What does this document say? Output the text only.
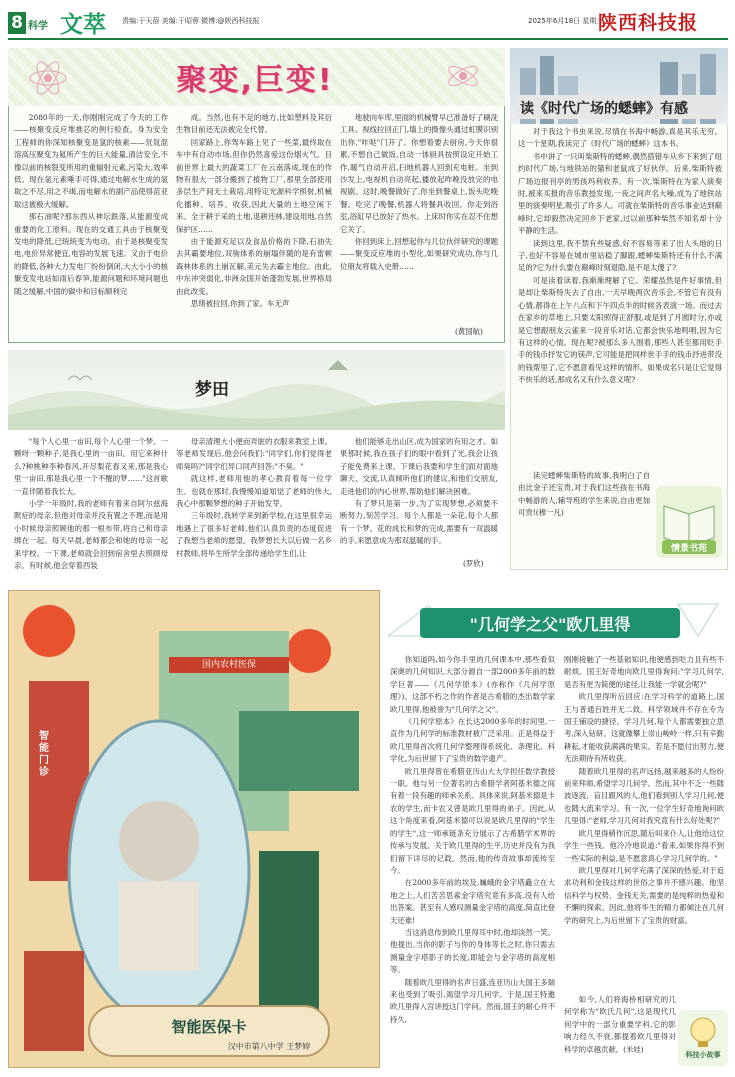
8 科学 文萃 责编:于天蓓 美编:于昭蓉 微博:@陕西科技报	2025年6月18日 星期三
陕西科技报
聚变,巨变!

2080年的一天,你刚刚完成了今天的工作——核聚变反应堆推芯的例行检查。身为安全工程师的你深知核聚变是氢的核素——氘氚混溶高压聚变为氦所产生的巨大能量,清洁安全,不像以前的核裂变所用的重辐射元素,污染大,效率低。现在氢元素唾手可得,通过电解水生成的氢取之不尽,用之不竭,而电解水的副产品使得苗亚取这被极大缓解。

那石油呢?那东西从神坛跌落,从能源变成重要的化工原料。现在的交通工具由于核聚变发电的降低,已统统变为电动。由于是核聚变发电,电价异常便宜,电容的发展飞速。又由于电价的降低,各种大力发电厂纷纷倒闭,大大小小的核聚变发电站如雨后春笋,能源问题和环境问题也随之缓解,中国的碳中和目标顺利完

成。当然,也有不足的地方,比如塑料及其衍生物目前还无法被完全代替。

回家路上,你驾车路上见了一些菜,最终取在车中有自动市场,但你仍然喜爱这份烟火气。目前世界上最大的蔬菜工厂在云南落成,现在的作物有很大一部分搬到了植物工厂,那里全部使用多层生产间无土栽培,用特定光源科学照射,机械化播种、培养、收获,因此大量的土地空闲下来。全于耕于采的土地,退耕还林,建设用地,自然保护区……

由于能源充足以及食品价格的下降,石油失去其霸要地位,双驹体系的崩塌伴随的是有雷顿森林体系的土崩瓦解,美元失去霸主地位。由此,中东冲突弱化,非洲众国开始蓬勃发展,世界格局由此改变。

思绪被拉回,你到了家。车无声

地驶向车库,里面的机械臂早已准备好了刷洗工具。视线拉回正门,墙上的摄像头通过虹膜识别出你,"咔哒"门开了。你想着要去厨房,今天你很累,不想自己做饭,自动一体厨具按照设定开始工作,暖气自动开启,扫地机器人回到充电桩。坐到沙发上,电视机自动亮起,播放起昨晚没放完的电视剧。这时,晚餐做好了,你坐到餐桌上,饭头吃晚餐。吃完了晚餐,机器人将餐具收回。你走到浴室,浴缸早已放好了热水。上床时你实在忍不住想它关了。

你回到床上,回想起你与几位伙伴研究的课题——聚变反应堆的小型化,如果研究成功,你与几位朋友将载入史册……

(黄国航)
梦田

"每个人心里一亩田,每个人心里一个梦。一颗呀一颗种子,是我心里的一亩田。用它来种什么?种桃种李种春风,开尽梨花春又来,那是我心里一亩田,那是我心里一个不醒的梦……"这首歌一直伴随着我长大。

小学一年级时,我的老师有着来自阿尔兹海默症的母亲,但他对母亲并没有置之不理,而是用小时候母亲照顾他的那一根布带,将自己和母亲绑在一起。每天早晨,老师都会和她的母亲一起来学校。一下课,老师就会回到宿舍里去照顾母亲。有时候,他会穿着西装

母亲清理大小便而弄脏的衣服来教室上课。等老师发现后,他会问我们:"同学们,你们觉得老师臭吗?"同学们异口同声回答:"不臭。"

就这样,老师用他的孝心教育着每一位学生。也就在那时,我慢慢知道知觉了老师的伟大,我心中那颗梦想的种子开始发芽。

三年级时,我转学来到新学校,在这里很幸运地遇上了很多好老师,他们认真负责的态度促进了我想当老师的愿望。我梦想长大以后做一名乡村教师,将毕生所学全部传递给学生们,让

他们能够走出山区,成为国家的有用之才。如果那时候,我在孩子们的眼中看到了光,我会让孩子能免费来上课。下课后我要和学生们面对面地聊天、交流,认真倾听他们的建议,和他们交朋友,走进他们的内心世界,帮助他们解决困难。

有了梦只是第一步,为了实现梦想,必须要不断努力,刻苦学习。每个人都是一朵花,每个人都有一个梦。花的成长和梦的完成,需要有一双温暖的手,来愿意成为那双温暖的手。

(罗欣)
读《时代广场的蟋蟀》有感

对于我这个书虫来说,尽情在书海中畅游,真是其乐无穷。这一个星期,我读完了《时代广场的蟋蟀》这本书。

书中讲了一只叫柴斯特的蟋蟀,偶然搭错车从乡下来到了纽约时代广场,与地铁站的猫和老鼠成了好伙伴。后来,柴斯特被广场边报刊亭的男孩玛利收养。有一次,柴斯特在为家人演奏时,被来买报的音乐教授发现,一夜之间声名大噪,成为了地铁站里的演奏明星,吸引了许多人。可就在柴斯特的音乐事业达到巅峰时,它却毅然决定回乡下老家,过以前那种柴然不知名却十分平静的生活。

读到这里,我不禁有些疑惑,好不容易等来了出人头地的日子,也好不容易在城市里站稳了脚跟,蟋蟀柴斯特还有什么不满足的?它为什么要在巅峰时刻退隐,是不是太傻了?

可是读着读着,我渐渐理解了它。荣耀虽然是件好事情,但是却让柴斯特失去了自由,一天早晚两次音乐会,不管它有没有心情,都得在上午八点和下午四点半的时候各表演一场。而过去在家乡的草地上,只要太阳照得正舒服,或是到了月圆时分,亦或是它想跟朋友云雀来一段音乐对话,它都会快乐地鸣唱,因为它有这样的心情。现在呢?被那么多人围着,那些人甚至都用贬手手的钱币抒发它的镁声,它可能是把同样世手手的钱币抒进带没的钱帮里了,它不愿意看见这样的情形。如果成名只是让它觉得不快乐的话,那成名又有什么意义呢?

读完蟋蟀柴斯特的故事,我明白了自由比金子还宝贵,对于我们这些孩在书海中畅游的人,辅导班的学生来说,自由更加可贵!(穆一凡)

情景书苑
国内农村医保
智能门诊
智能医保卡
汉中市第八中学 王梦婷
"几何学之父"欧几里得

你知道吗,如今你手里的几何课本中,那些看似深奥的几何知识,大部分源自一部2000多年前的数学巨著——《几何学原本》(亦称作《几何学原理》)。这部不朽之作的作者是古希腊的杰出数学家欧几里得,他被誉为"几何学之父"。

《几何学原本》在长达2000多年的时间里,一直作为几何学的标准教材被广泛采用。正是得益于欧几里得首次将几何学整理得系统化、条理化、科学化,为后世留下了宝贵的数学遗产。

欧几里得曾在希腊亚历山大大学担任数学教授一职。他与另一位著名的古希腊学者阿基米德之间有着一段有趣的师承关系。具体来说,阿基米德是卡农的学生,而卡农又曾是欧几里得的弟子。因此,从这个角度来看,阿基米德可以说是欧几里得的"学生的学生",这一师承链条充分展示了古希腊学术界的传承与发展。关于欧几里得的生平,历史并没有为我们留下详尽的记载。然而,他的传奇故事却流传至今。

在2000多年前的埃及,巍峨的金字塔矗立在大地之上,人们苦苦思索金字塔究竟有多高,没有人给出答案。甚至有人感叹测量金字塔的高度,简直比登天还难!

当这消息传到欧几里得耳中时,他却淡然一笑。他提出,当你的影子与你的身体等长之时,你只需去测量金字塔影子的长度,即能会与金字塔的高度相等。

随着欧几里得的名声日盛,连亚历山大国王多瑞来也受到了吸引,渴望学习几何学。于是,国王特邀欧几里得入宫讲授这门学问。然而,国王的耐心并不持久,

刚刚接触了一些基础知识,他便感到吃力且有些不耐烦。国王好奇地向欧几里得询问:"学习几何学,是否有更为简便的途径,让我能一学就会呢?"

欧几里得听后回应:在学习科学的道路上,国王与普通百姓并无二致。科学领域并不存在专为国王铺设的捷径。学习几何,每个人都需要独立思考,深入钻研。这就像攀上崇山峻岭一样,只有辛勤耕耘,才能收获满满的果实。若是不愿付出努力,便无法期待有所收获。

随着欧几里得的名声远扬,越来越多的人纷纷前来拜师,希望学习几何学。然而,其中不乏一些随波逐流、盲目跟风的人,他们看到别人学习几何,便也随大流来学习。有一次,一位学生好奇地询问欧几里得:"老师,学习几何对我究竟有什么好处呢?"

欧几里得稍作沉思,随后叫来仆人,让他给这位学生一些钱。他冷冷地说道:"看来,如果你得不到一些实际的利益,是不愿意真心学习几何学的。"

欧几里得对几何学充满了深深的热爱,对于追求功利和金钱这样的世俗之事并不感兴趣。他坚信科学与权势、金钱无关,需要的是纯粹的热爱和不懈的探索。因此,他将毕生的精力都倾注在几何学的研究上,为后世留下了宝贵的财富。

如今,人们将海桥相研究的几何学称为"欧氏几何",这是现代几何学中的一部分重要学科,它的影响力经久不衰,都提着欧几里得对科学的卓越贡献。(米娃)

科技小故事
